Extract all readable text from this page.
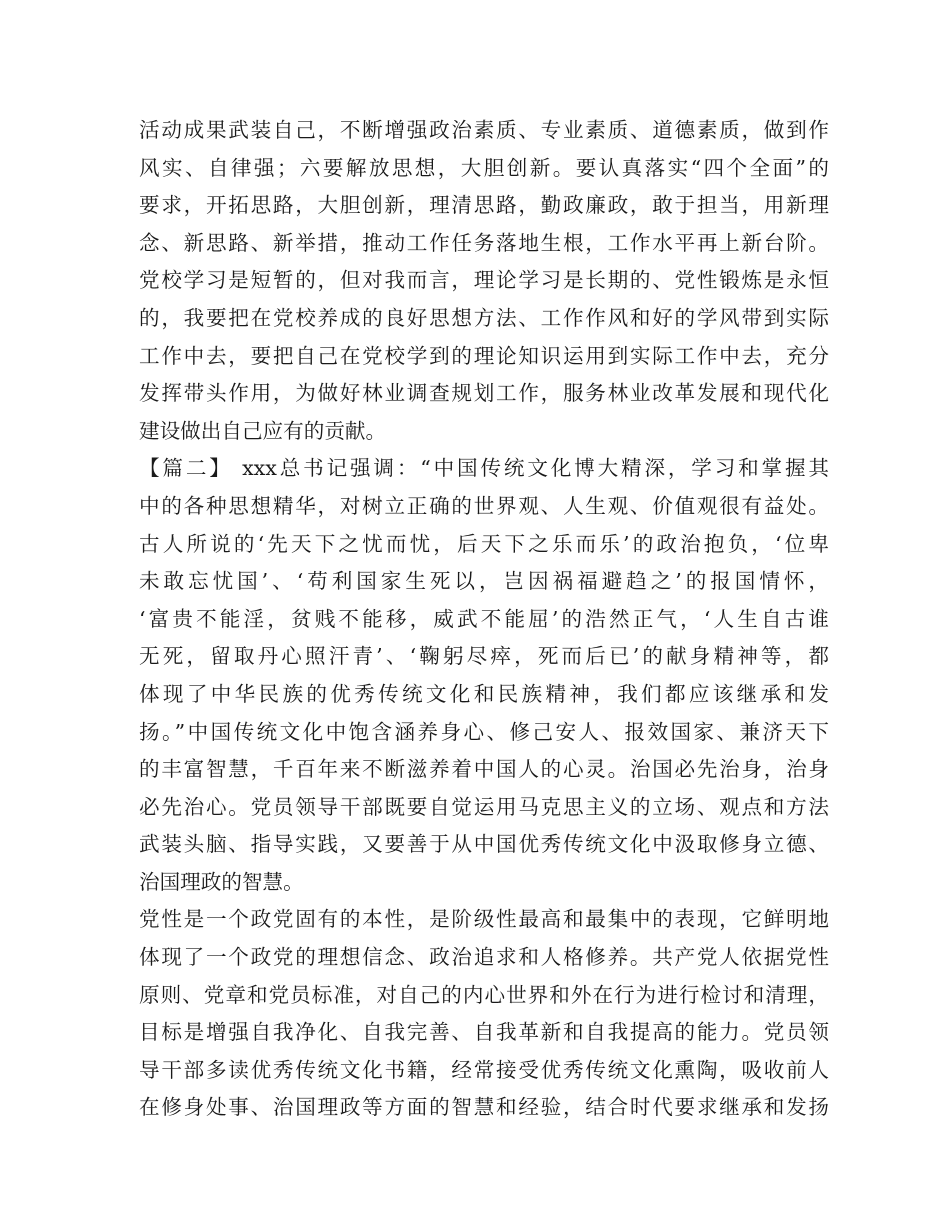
活动成果武装自己，不断增强政治素质、专业素质、道德素质，做到作
风实、自律强；六要解放思想，大胆创新。要认真落实“四个全面”的
要求，开拓思路，大胆创新，理清思路，勤政廉政，敢于担当，用新理
念、新思路、新举措，推动工作任务落地生根，工作水平再上新台阶。
党校学习是短暂的，但对我而言，理论学习是长期的、党性锻炼是永恒
的，我要把在党校养成的良好思想方法、工作作风和好的学风带到实际
工作中去，要把自己在党校学到的理论知识运用到实际工作中去，充分
发挥带头作用，为做好林业调查规划工作，服务林业改革发展和现代化
建设做出自己应有的贡献。
【篇二】 xxx总书记强调：“中国传统文化博大精深，学习和掌握其
中的各种思想精华，对树立正确的世界观、人生观、价值观很有益处。
古人所说的‘先天下之忧而忧，后天下之乐而乐’的政治抱负，‘位卑
未敢忘忧国’、‘苟利国家生死以，岂因祸福避趋之’的报国情怀，
‘富贵不能淫，贫贱不能移，威武不能屈’的浩然正气，‘人生自古谁
无死，留取丹心照汗青’、‘鞠躬尽瘁，死而后已’的献身精神等，都
体现了中华民族的优秀传统文化和民族精神，我们都应该继承和发
扬。”中国传统文化中饱含涵养身心、修己安人、报效国家、兼济天下
的丰富智慧，千百年来不断滋养着中国人的心灵。治国必先治身，治身
必先治心。党员领导干部既要自觉运用马克思主义的立场、观点和方法
武装头脑、指导实践，又要善于从中国优秀传统文化中汲取修身立德、
治国理政的智慧。
党性是一个政党固有的本性，是阶级性最高和最集中的表现，它鲜明地
体现了一个政党的理想信念、政治追求和人格修养。共产党人依据党性
原则、党章和党员标准，对自己的内心世界和外在行为进行检讨和清理，
目标是增强自我净化、自我完善、自我革新和自我提高的能力。党员领
导干部多读优秀传统文化书籍，经常接受优秀传统文化熏陶，吸收前人
在修身处事、治国理政等方面的智慧和经验，结合时代要求继承和发扬
